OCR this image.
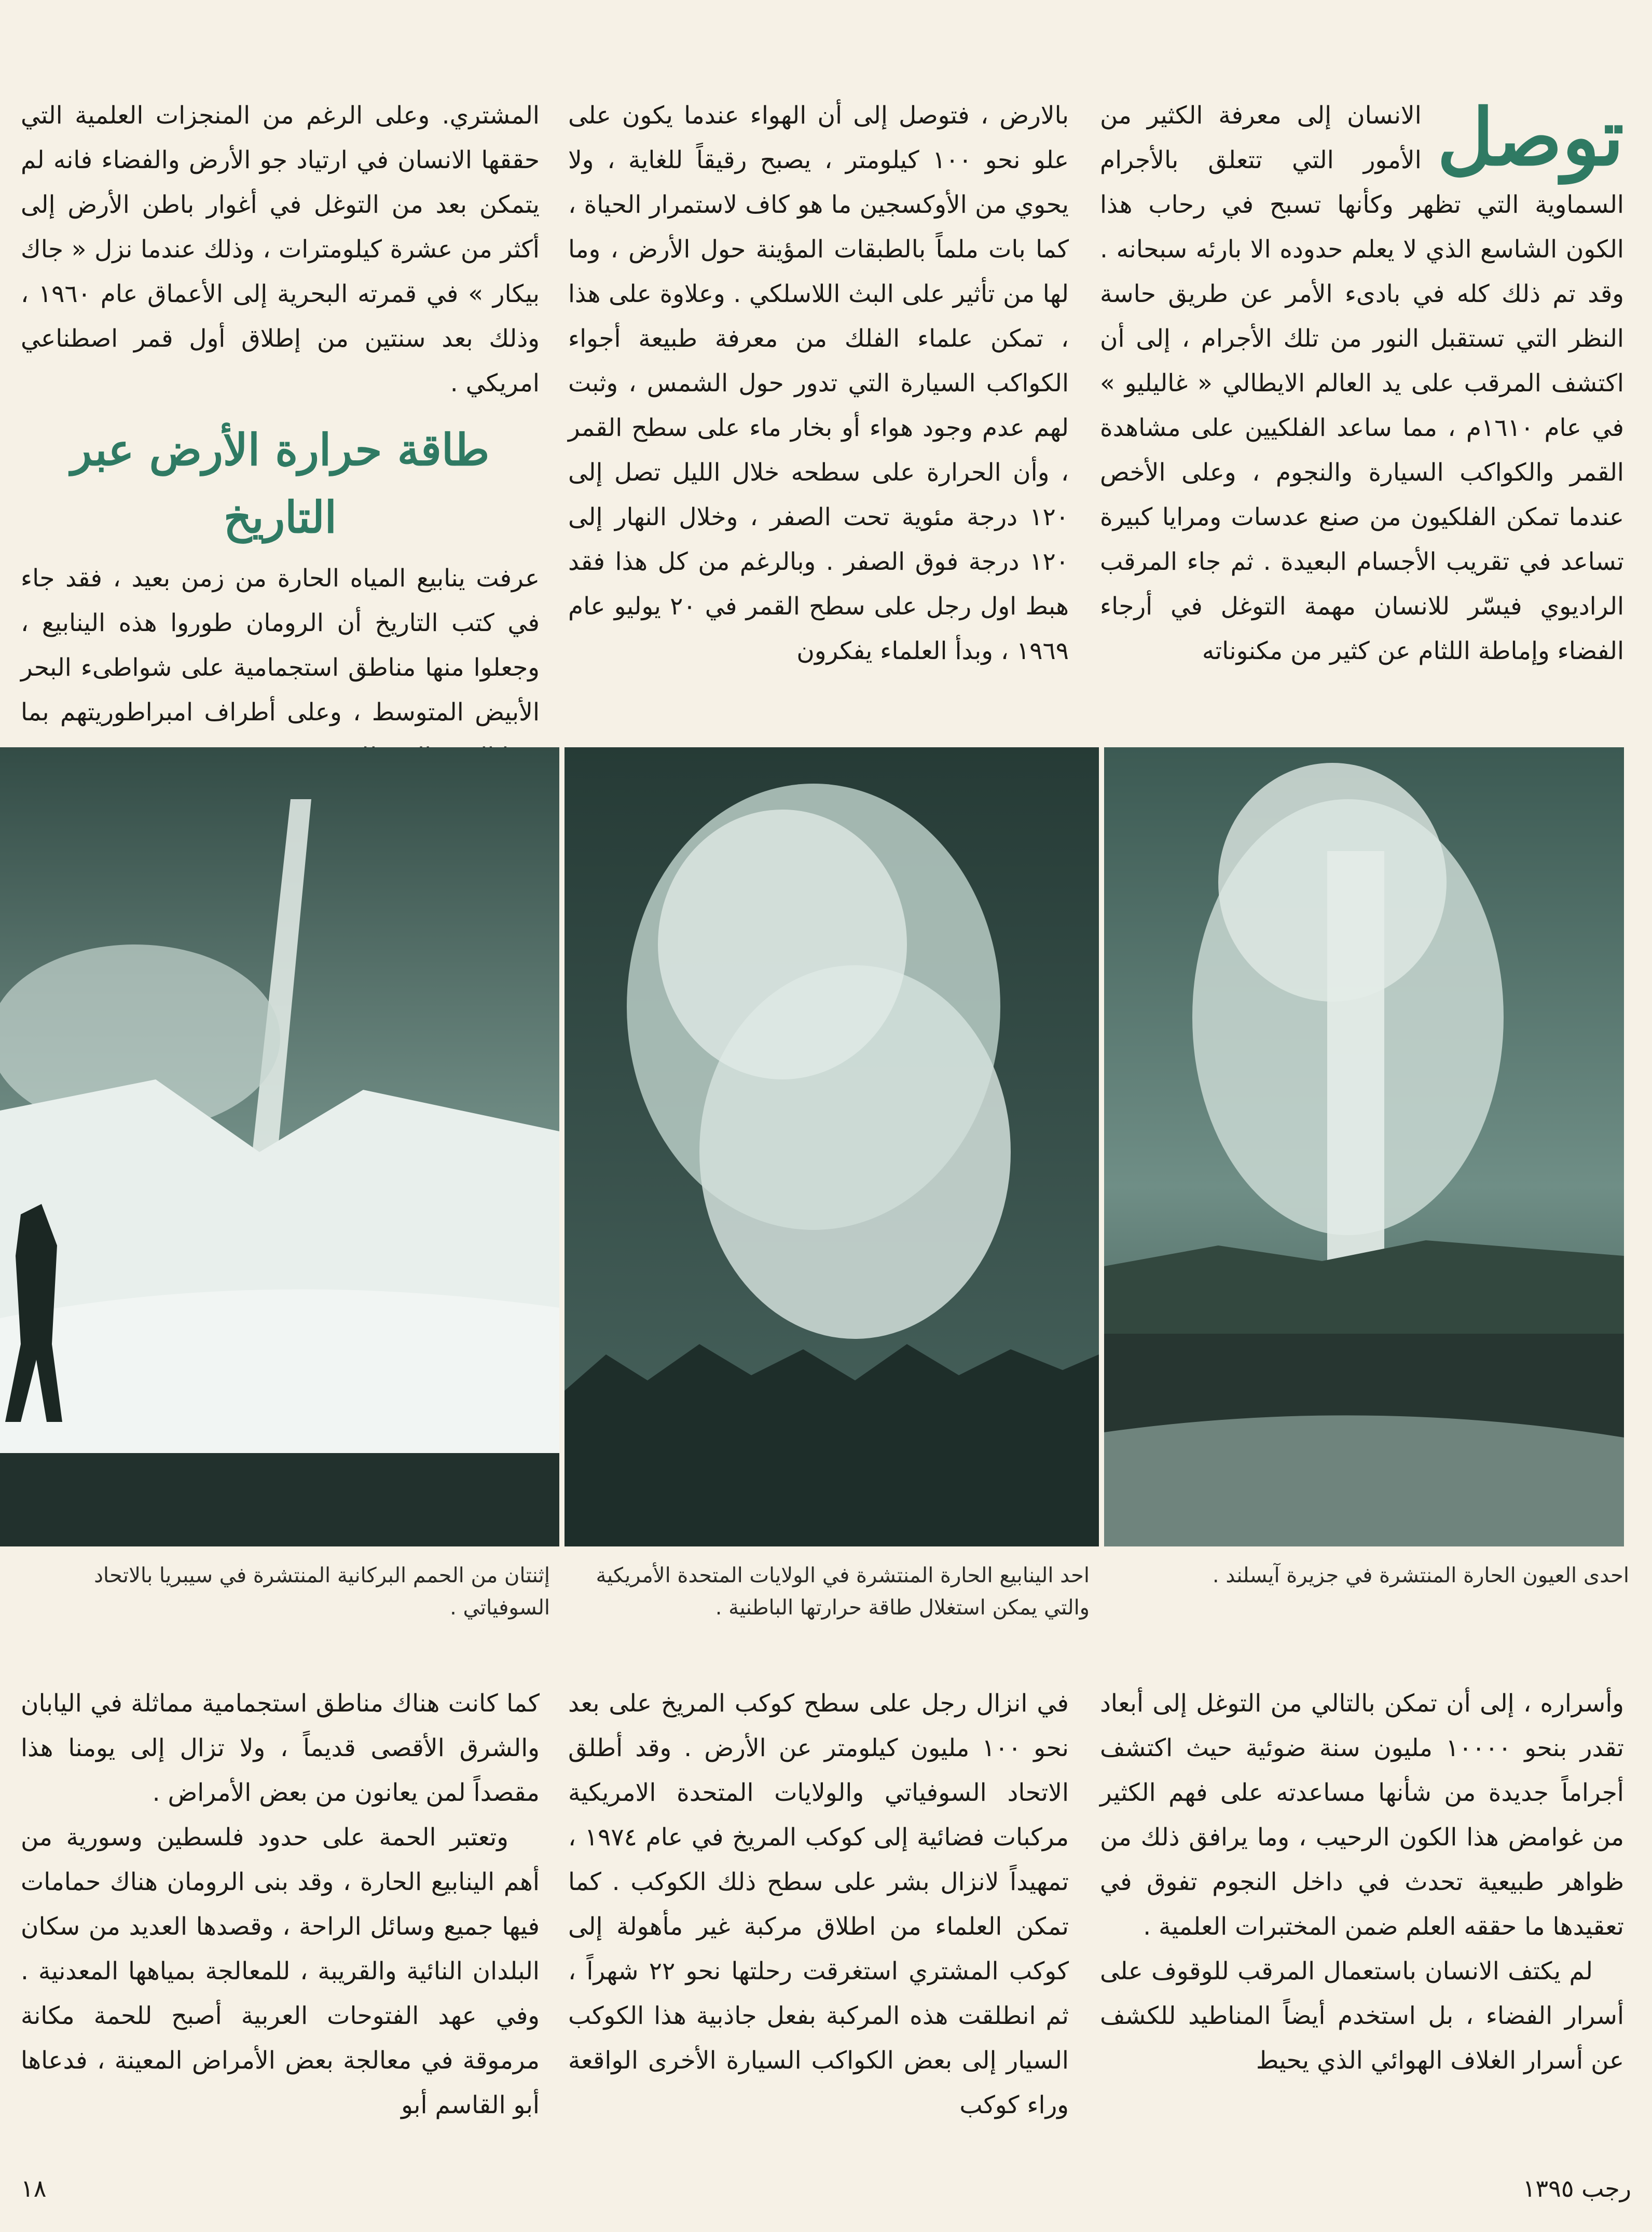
توصل

الانسان إلى معرفة الكثير من الأمور التي تتعلق بالأجرام السماوية التي تظهر وكأنها تسبح في رحاب هذا الكون الشاسع الذي لا يعلم حدوده الا بارئه سبحانه . وقد تم ذلك كله في بادىء الأمر عن طريق حاسة النظر التي تستقبل النور من تلك الأجرام ، إلى أن اكتشف المرقب على يد العالم الايطالي « غاليليو » في عام ١٦١٠م ، مما ساعد الفلكيين على مشاهدة القمر والكواكب السيارة والنجوم ، وعلى الأخص عندما تمكن الفلكيون من صنع عدسات ومرايا كبيرة تساعد في تقريب الأجسام البعيدة . ثم جاء المرقب الراديوي فيسّر للانسان مهمة التوغل في أرجاء الفضاء وإماطة اللثام عن كثير من مكنوناته

بالارض ، فتوصل إلى أن الهواء عندما يكون على علو نحو ١٠٠ كيلومتر ، يصبح رقيقاً للغاية ، ولا يحوي من الأوكسجين ما هو كاف لاستمرار الحياة ، كما بات ملماً بالطبقات المؤينة حول الأرض ، وما لها من تأثير على البث اللاسلكي . وعلاوة على هذا ، تمكن علماء الفلك من معرفة طبيعة أجواء الكواكب السيارة التي تدور حول الشمس ، وثبت لهم عدم وجود هواء أو بخار ماء على سطح القمر ، وأن الحرارة على سطحه خلال الليل تصل إلى ١٢٠ درجة مئوية تحت الصفر ، وخلال النهار إلى ١٢٠ درجة فوق الصفر . وبالرغم من كل هذا فقد هبط اول رجل على سطح القمر في ٢٠ يوليو عام ١٩٦٩ ، وبدأ العلماء يفكرون

المشتري. وعلى الرغم من المنجزات العلمية التي حققها الانسان في ارتياد جو الأرض والفضاء فانه لم يتمكن بعد من التوغل في أغوار باطن الأرض إلى أكثر من عشرة كيلومترات ، وذلك عندما نزل « جاك بيكار » في قمرته البحرية إلى الأعماق عام ١٩٦٠ ، وذلك بعد سنتين من إطلاق أول قمر اصطناعي امريكي .

طاقة حرارة الأرض عبر التاريخ

عرفت ينابيع المياه الحارة من زمن بعيد ، فقد جاء في كتب التاريخ أن الرومان طوروا هذه الينابيع ، وجعلوا منها مناطق استجمامية على شواطىء البحر الأبيض المتوسط ، وعلى أطراف امبراطوريتهم بما

احدى العيون الحارة المنتشرة في جزيرة آيسلند .
احد الينابيع الحارة المنتشرة في الولايات المتحدة الأمريكية والتي يمكن استغلال طاقة حرارتها الباطنية .
إثنتان من الحمم البركانية المنتشرة في سيبريا بالاتحاد السوفياتي .

وأسراره ، إلى أن تمكن بالتالي من التوغل إلى أبعاد تقدر بنحو ١٠٠٠٠ مليون سنة ضوئية حيث اكتشف أجراماً جديدة من شأنها مساعدته على فهم الكثير من غوامض هذا الكون الرحيب ، وما يرافق ذلك من ظواهر طبيعية تحدث في داخل النجوم تفوق في تعقيدها ما حققه العلم ضمن المختبرات العلمية .

لم يكتف الانسان باستعمال المرقب للوقوف على أسرار الفضاء ، بل استخدم أيضاً المناطيد للكشف عن أسرار الغلاف الهوائي الذي يحيط

في انزال رجل على سطح كوكب المريخ على بعد نحو ١٠٠ مليون كيلومتر عن الأرض . وقد أطلق الاتحاد السوفياتي والولايات المتحدة الامريكية مركبات فضائية إلى كوكب المريخ في عام ١٩٧٤ ، تمهيداً لانزال بشر على سطح ذلك الكوكب . كما تمكن العلماء من اطلاق مركبة غير مأهولة إلى كوكب المشتري استغرقت رحلتها نحو ٢٢ شهراً ، ثم انطلقت هذه المركبة بفعل جاذبية هذا الكوكب السيار إلى بعض الكواكب السيارة الأخرى الواقعة وراء كوكب

كما كانت هناك مناطق استجمامية مماثلة في اليابان والشرق الأقصى قديماً ، ولا تزال إلى يومنا هذا مقصداً لمن يعانون من بعض الأمراض .

وتعتبر الحمة على حدود فلسطين وسورية من أهم الينابيع الحارة ، وقد بنى الرومان هناك حمامات فيها جميع وسائل الراحة ، وقصدها العديد من سكان البلدان النائية والقريبة ، للمعالجة بمياهها المعدنية . وفي عهد الفتوحات العربية أصبح للحمة مكانة مرموقة في معالجة بعض الأمراض المعينة ، فدعاها أبو القاسم أبو

١٨	رجب ١٣٩٥
